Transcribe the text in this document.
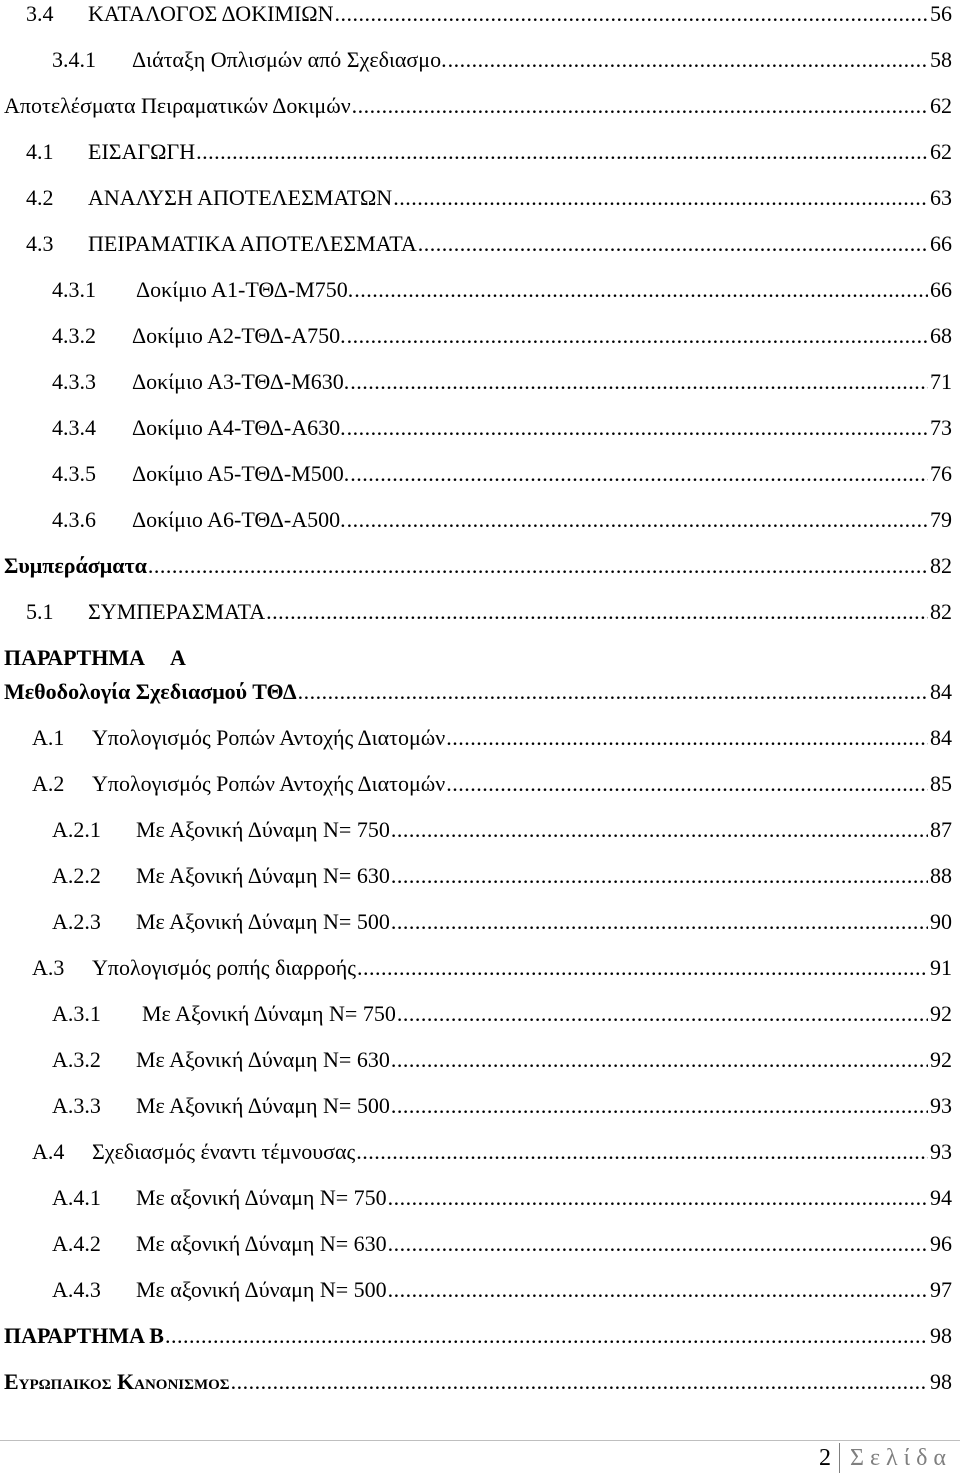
3.4	ΚΑΤΑΛΟΓΟΣ ΔΟΚΙΜΙΩΝ .....	56
3.4.1	Διάταξη Οπλισμών από Σχεδιασμο. .....	58
Αποτελέσματα Πειραματικών Δοκιμών .....	62
4.1	ΕΙΣΑΓΩΓΗ .....	62
4.2	ΑΝΑΛΥΣΗ ΑΠΟΤΕΛΕΣΜΑΤΩΝ .....	63
4.3	ΠΕΙΡΑΜΑΤΙΚΑ ΑΠΟΤΕΛΕΣΜΑΤΑ .....	66
4.3.1	Δοκίμιο Α1-ΤΘΔ-Μ750. .....	66
4.3.2	Δοκίμιο Α2-ΤΘΔ-Α750. .....	68
4.3.3	Δοκίμιο Α3-ΤΘΔ-Μ630. .....	71
4.3.4	Δοκίμιο Α4-ΤΘΔ-Α630. .....	73
4.3.5	Δοκίμιο Α5-ΤΘΔ-Μ500. .....	76
4.3.6	Δοκίμιο Α6-ΤΘΔ-Α500. .....	79
Συμπεράσματα .....	82
5.1	ΣΥΜΠΕΡΑΣΜΑΤΑ .....	82
ΠΑΡΑΡΤΗΜΑ     Α
Μεθοδολογία Σχεδιασμού ΤΘΔ .....	84
Α.1	Υπολογισμός Ροπών Αντοχής Διατομών .....	84
Α.2	Υπολογισμός Ροπών Αντοχής Διατομών .....	85
Α.2.1	Με Αξονική Δύναμη Ν= 750 .....	87
Α.2.2	Με Αξονική Δύναμη Ν= 630 .....	88
Α.2.3	Με Αξονική Δύναμη Ν= 500 .....	90
Α.3	Υπολογισμός ροπής διαρροής .....	91
Α.3.1	Με Αξονική Δύναμη Ν= 750 .....	92
Α.3.2	Με Αξονική Δύναμη Ν= 630 .....	92
Α.3.3	Με Αξονική Δύναμη Ν= 500 .....	93
Α.4	Σχεδιασμός έναντι τέμνουσας .....	93
Α.4.1	Με αξονική Δύναμη Ν= 750 .....	94
Α.4.2	Με αξονική Δύναμη Ν= 630 .....	96
Α.4.3	Με αξονική Δύναμη Ν= 500 .....	97
ΠΑΡΑΡΤΗΜΑ Β .....	98
Ευρωπαικος Κανονισμος .....	98
2 Σελίδα
